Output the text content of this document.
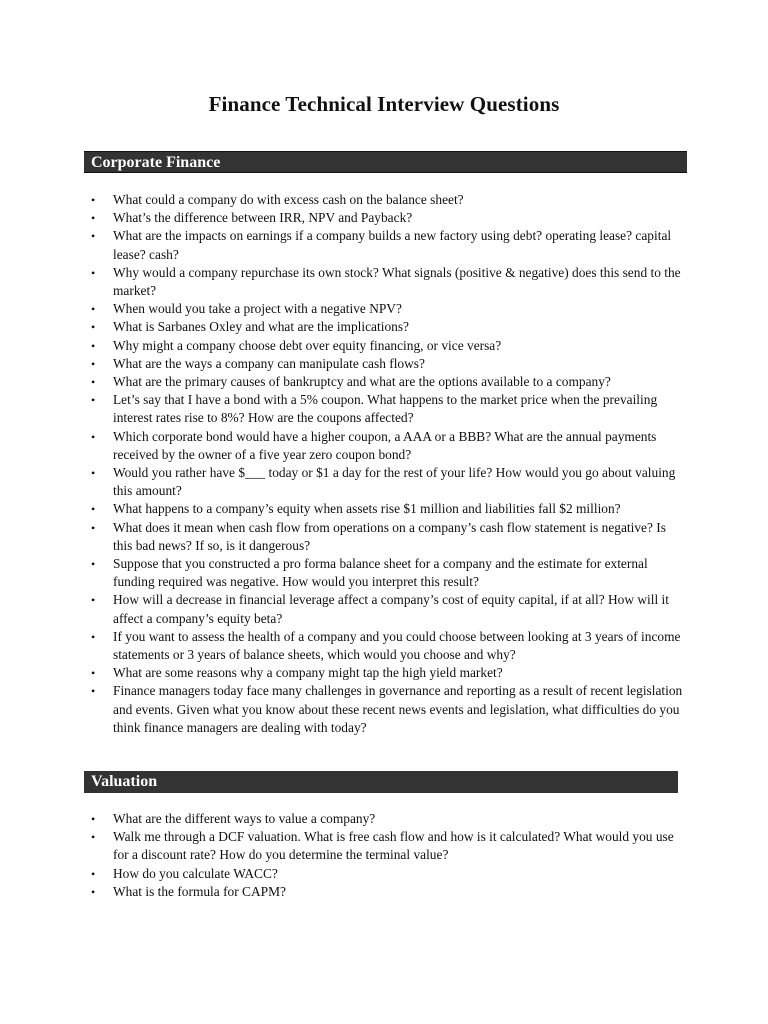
Finance Technical Interview Questions
Corporate Finance
• What could a company do with excess cash on the balance sheet?
• What’s the difference between IRR, NPV and Payback?
• What are the impacts on earnings if a company builds a new factory using debt? operating lease? capital lease? cash?
• Why would a company repurchase its own stock? What signals (positive & negative) does this send to the market?
• When would you take a project with a negative NPV?
• What is Sarbanes Oxley and what are the implications?
• Why might a company choose debt over equity financing, or vice versa?
• What are the ways a company can manipulate cash flows?
• What are the primary causes of bankruptcy and what are the options available to a company?
• Let’s say that I have a bond with a 5% coupon. What happens to the market price when the prevailing interest rates rise to 8%? How are the coupons affected?
• Which corporate bond would have a higher coupon, a AAA or a BBB? What are the annual payments received by the owner of a five year zero coupon bond?
• Would you rather have $___ today or $1 a day for the rest of your life? How would you go about valuing this amount?
• What happens to a company’s equity when assets rise $1 million and liabilities fall $2 million?
• What does it mean when cash flow from operations on a company’s cash flow statement is negative? Is this bad news? If so, is it dangerous?
• Suppose that you constructed a pro forma balance sheet for a company and the estimate for external funding required was negative. How would you interpret this result?
• How will a decrease in financial leverage affect a company’s cost of equity capital, if at all? How will it affect a company’s equity beta?
• If you want to assess the health of a company and you could choose between looking at 3 years of income statements or 3 years of balance sheets, which would you choose and why?
• What are some reasons why a company might tap the high yield market?
• Finance managers today face many challenges in governance and reporting as a result of recent legislation and events. Given what you know about these recent news events and legislation, what difficulties do you think finance managers are dealing with today?
Valuation
• What are the different ways to value a company?
• Walk me through a DCF valuation. What is free cash flow and how is it calculated? What would you use for a discount rate? How do you determine the terminal value?
• How do you calculate WACC?
• What is the formula for CAPM?
